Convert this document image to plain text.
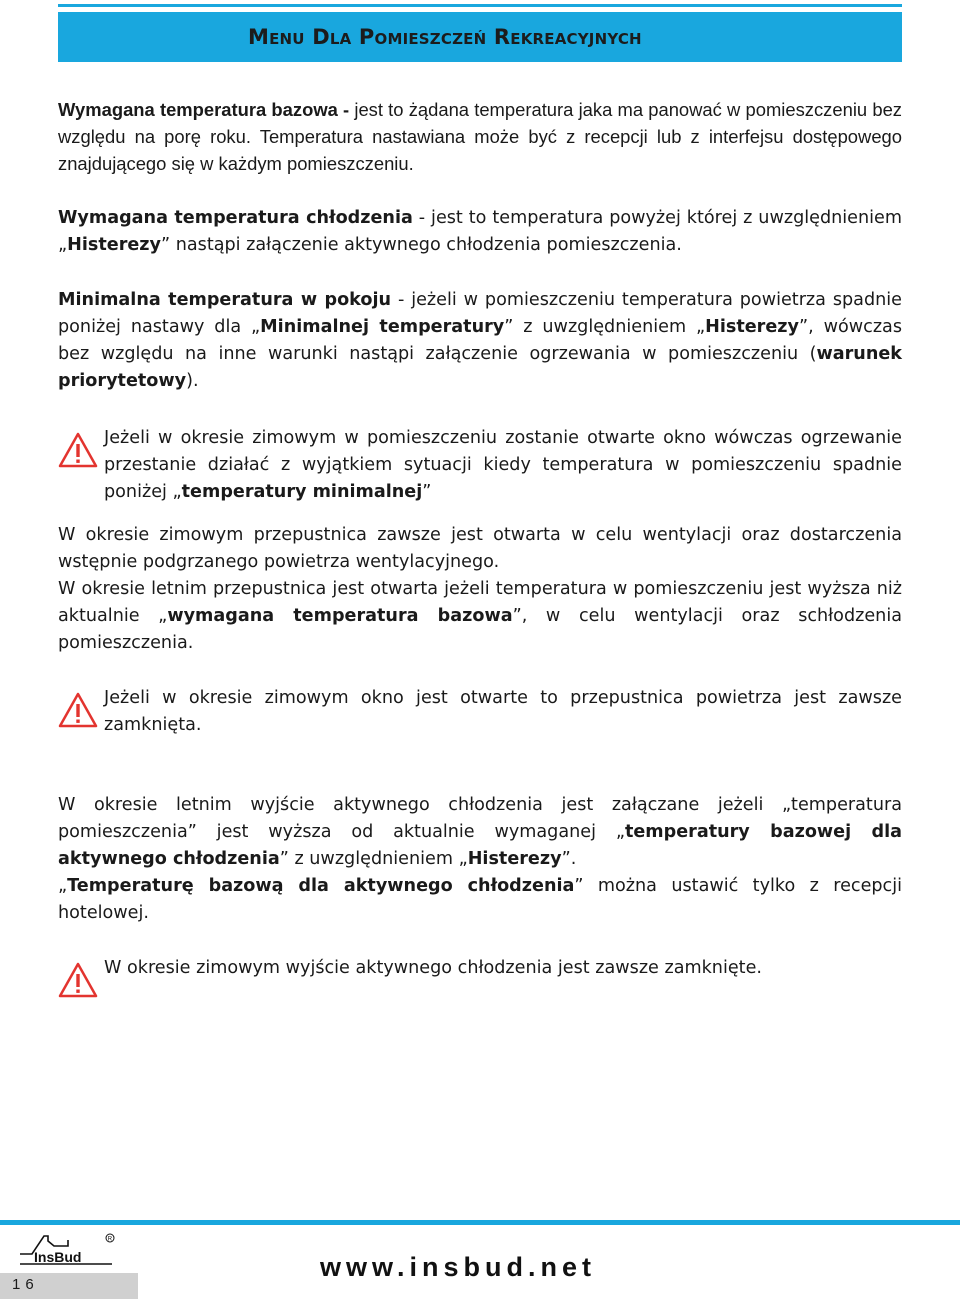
Menu Dla Pomieszczeń Rekreacyjnych

Wymagana temperatura bazowa - jest to żądana temperatura jaka ma panować w pomieszczeniu bez względu na porę roku. Temperatura nastawiana może być z recepcji lub z interfejsu dostępowego znajdującego się w każdym pomieszczeniu.

Wymagana temperatura chłodzenia - jest to temperatura powyżej której z uwzględnieniem „Histerezy” nastąpi załączenie aktywnego chłodzenia pomieszczenia.

Minimalna temperatura w pokoju - jeżeli w pomieszczeniu temperatura powietrza spadnie poniżej nastawy dla „Minimalnej temperatury” z uwzględnieniem „Histerezy”, wówczas bez względu na inne warunki nastąpi załączenie ogrzewania w pomieszczeniu (warunek priorytetowy).

Jeżeli w okresie zimowym w pomieszczeniu zostanie otwarte okno wówczas ogrzewanie przestanie działać z wyjątkiem sytuacji kiedy temperatura w pomieszczeniu spadnie poniżej „temperatury minimalnej”

W okresie zimowym przepustnica zawsze jest otwarta w celu wentylacji oraz dostarczenia wstępnie podgrzanego powietrza wentylacyjnego.

W okresie letnim przepustnica jest otwarta jeżeli temperatura w pomieszczeniu jest wyższa niż aktualnie „wymagana temperatura bazowa”, w celu wentylacji oraz schłodzenia pomieszczenia.

Jeżeli w okresie zimowym okno jest otwarte to przepustnica powietrza jest zawsze zamknięta.

W okresie letnim wyjście aktywnego chłodzenia jest załączane jeżeli „temperatura pomieszczenia” jest wyższa od aktualnie wymaganej „temperatury bazowej dla aktywnego chłodzenia” z uwzględnieniem „Histerezy”.

„Temperaturę bazową dla aktywnego chłodzenia” można ustawić tylko z recepcji hotelowej.

W okresie zimowym wyjście aktywnego chłodzenia jest zawsze zamknięte.
InsBud
R
16
www.insbud.net
